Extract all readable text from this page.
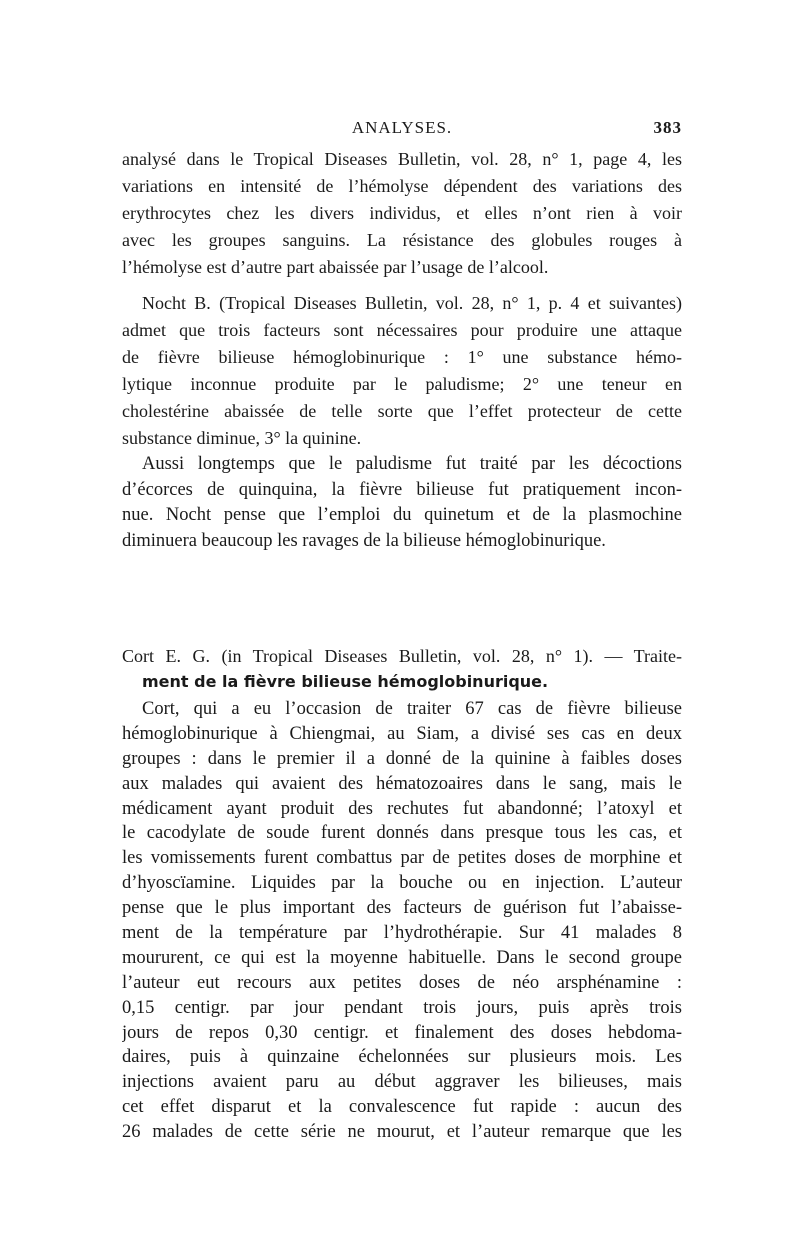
ANALYSES.	383
analysé dans le Tropical Diseases Bulletin, vol. 28, n° 1, page 4, les
variations en intensité de l’hémolyse dépendent des variations des
erythrocytes chez les divers individus, et elles n’ont rien à voir
avec les groupes sanguins. La résistance des globules rouges à
l’hémolyse est d’autre part abaissée par l’usage de l’alcool.
Nocht B. (Tropical Diseases Bulletin, vol. 28, n° 1, p. 4 et suivantes)
admet que trois facteurs sont nécessaires pour produire une attaque
de fièvre bilieuse hémoglobinurique : 1° une substance hémo-
lytique inconnue produite par le paludisme; 2° une teneur en
cholestérine abaissée de telle sorte que l’effet protecteur de cette
substance diminue, 3° la quinine.
Aussi longtemps que le paludisme fut traité par les décoctions
d’écorces de quinquina, la fièvre bilieuse fut pratiquement incon-
nue. Nocht pense que l’emploi du quinetum et de la plasmochine
diminuera beaucoup les ravages de la bilieuse hémoglobinurique.
Cort E. G. (in Tropical Diseases Bulletin, vol. 28, n° 1). — Traite-
ment de la fièvre bilieuse hémoglobinurique.
Cort, qui a eu l’occasion de traiter 67 cas de fièvre bilieuse
hémoglobinurique à Chiengmai, au Siam, a divisé ses cas en deux
groupes : dans le premier il a donné de la quinine à faibles doses
aux malades qui avaient des hématozoaires dans le sang, mais le
médicament ayant produit des rechutes fut abandonné; l’atoxyl et
le cacodylate de soude furent donnés dans presque tous les cas, et
les vomissements furent combattus par de petites doses de morphine et
d’hyoscïamine. Liquides par la bouche ou en injection. L’auteur
pense que le plus important des facteurs de guérison fut l’abaisse-
ment de la température par l’hydrothérapie. Sur 41 malades 8
moururent, ce qui est la moyenne habituelle. Dans le second groupe
l’auteur eut recours aux petites doses de néo arsphénamine :
0,15 centigr. par jour pendant trois jours, puis après trois
jours de repos 0,30 centigr. et finalement des doses hebdoma-
daires, puis à quinzaine échelonnées sur plusieurs mois. Les
injections avaient paru au début aggraver les bilieuses, mais
cet effet disparut et la convalescence fut rapide : aucun des
26 malades de cette série ne mourut, et l’auteur remarque que les
